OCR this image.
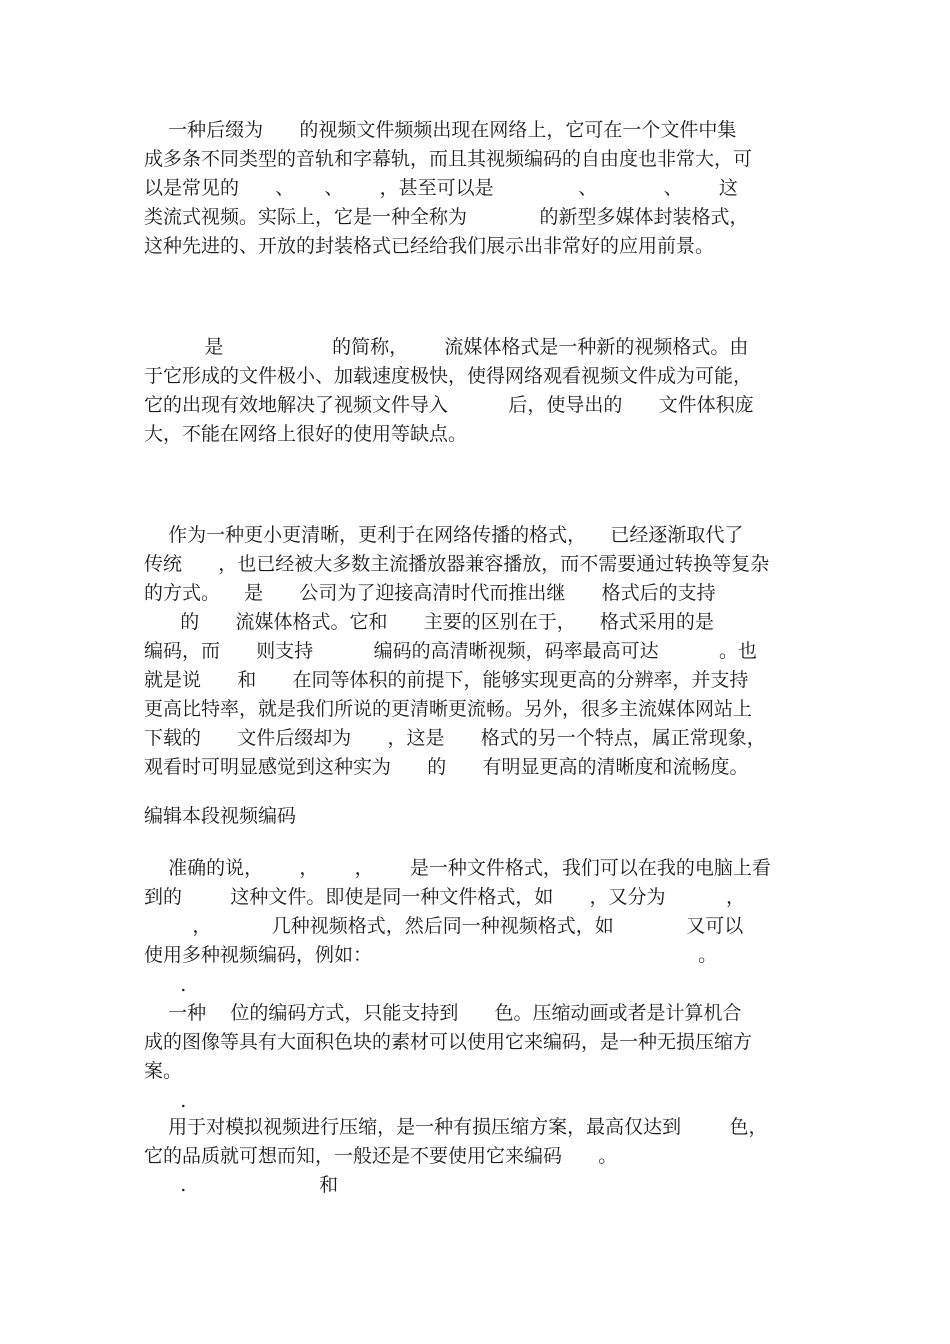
一种后缀为      的视频文件频频出现在网络上，它可在一个文件中集
成多条不同类型的音轨和字幕轨，而且其视频编码的自由度也非常大，可
以是常见的      、     、      ，甚至可以是              、           、      这
类流式视频。实际上，它是一种全称为            的新型多媒体封装格式，
这种先进的、开放的封装格式已经给我们展示出非常好的应用前景。
是                  的简称，      流媒体格式是一种新的视频格式。由
于它形成的文件极小、加载速度极快，使得网络观看视频文件成为可能，
它的出现有效地解决了视频文件导入          后，使导出的      文件体积庞
大，不能在网络上很好的使用等缺点。
作为一种更小更清晰，更利于在网络传播的格式，    已经逐渐取代了
传统      ，也已经被大多数主流播放器兼容播放，而不需要通过转换等复杂
的方式。    是      公司为了迎接高清时代而推出继      格式后的支持
的      流媒体格式。它和      主要的区别在于，    格式采用的是
编码，而      则支持          编码的高清晰视频，码率最高可达          。也
就是说      和      在同等体积的前提下，能够实现更高的分辨率，并支持
更高比特率，就是我们所说的更清晰更流畅。另外，很多主流媒体网站上
下载的      文件后缀却为      ，这是      格式的另一个特点，属正常现象，
观看时可明显感觉到这种实为      的      有明显更高的清晰度和流畅度。
编辑本段视频编码
准确的说，      ，      ，      是一种文件格式，我们可以在我的电脑上看
到的        这种文件。即使是同一种文件格式，如      ，又分为          ，
，          几种视频格式，然后同一种视频格式，如            又可以
使用多种视频编码，例如：                                                      。
.
一种    位的编码方式，只能支持到      色。压缩动画或者是计算机合
成的图像等具有大面积色块的素材可以使用它来编码，是一种无损压缩方
案。
.
用于对模拟视频进行压缩，是一种有损压缩方案，最高仅达到        色，
它的品质就可想而知，一般还是不要使用它来编码      。
.                      和
